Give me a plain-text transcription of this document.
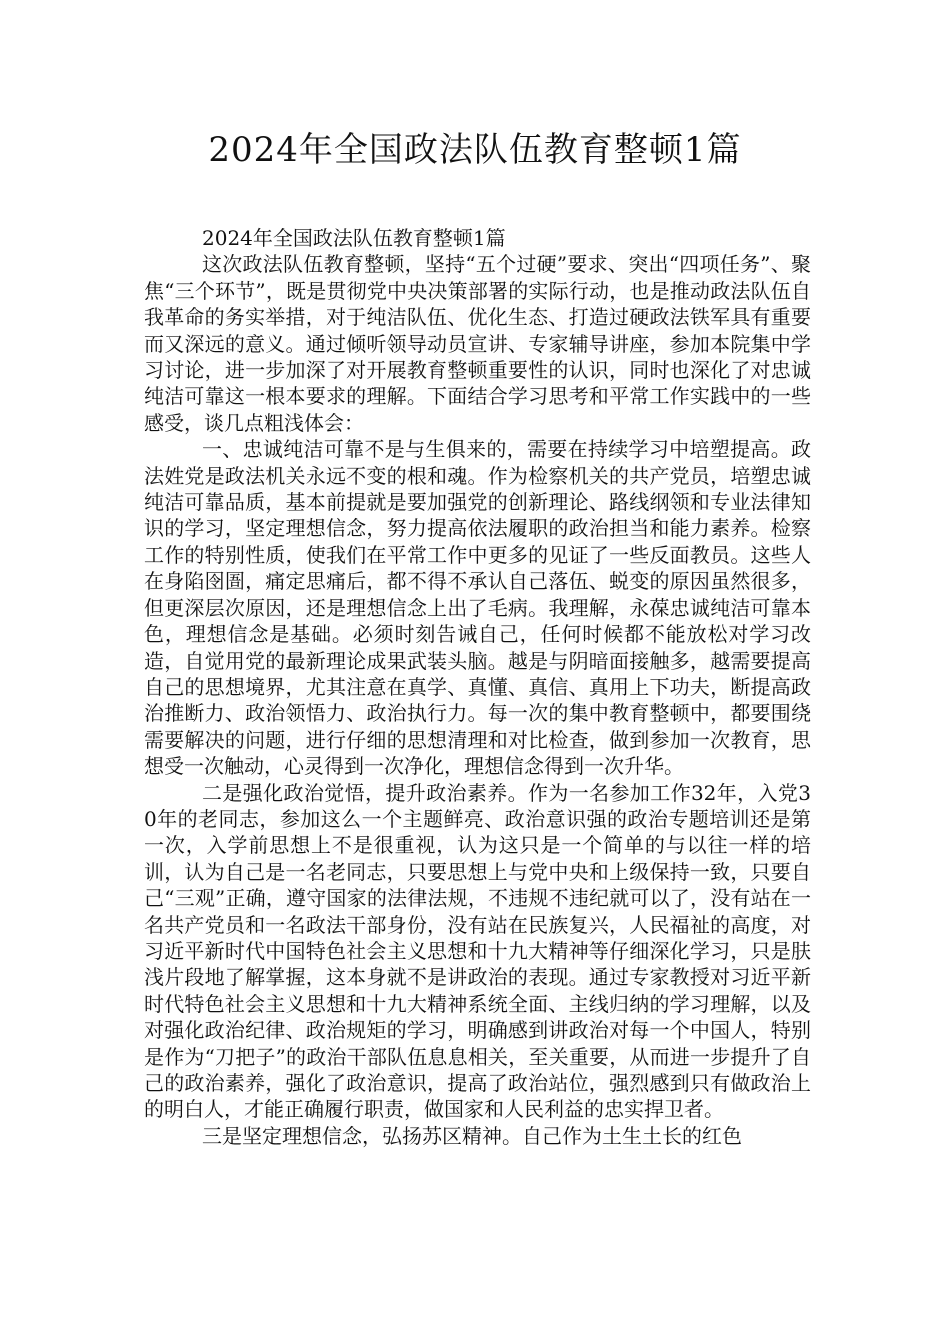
2024年全国政法队伍教育整顿1篇

2024年全国政法队伍教育整顿1篇

这次政法队伍教育整顿，坚持“五个过硬”要求、突出“四项任务”、聚焦“三个环节”，既是贯彻党中央决策部署的实际行动，也是推动政法队伍自我革命的务实举措，对于纯洁队伍、优化生态、打造过硬政法铁军具有重要而又深远的意义。通过倾听领导动员宣讲、专家辅导讲座，参加本院集中学习讨论，进一步加深了对开展教育整顿重要性的认识，同时也深化了对忠诚纯洁可靠这一根本要求的理解。下面结合学习思考和平常工作实践中的一些感受，谈几点粗浅体会：

一、忠诚纯洁可靠不是与生俱来的，需要在持续学习中培塑提高。政法姓党是政法机关永远不变的根和魂。作为检察机关的共产党员，培塑忠诚纯洁可靠品质，基本前提就是要加强党的创新理论、路线纲领和专业法律知识的学习，坚定理想信念，努力提高依法履职的政治担当和能力素养。检察工作的特别性质，使我们在平常工作中更多的见证了一些反面教员。这些人在身陷囹圄，痛定思痛后，都不得不承认自己落伍、蜕变的原因虽然很多，但更深层次原因，还是理想信念上出了毛病。我理解，永葆忠诚纯洁可靠本色，理想信念是基础。必须时刻告诫自己，任何时候都不能放松对学习改造，自觉用党的最新理论成果武装头脑。越是与阴暗面接触多，越需要提高自己的思想境界，尤其注意在真学、真懂、真信、真用上下功夫，断提高政治推断力、政治领悟力、政治执行力。每一次的集中教育整顿中，都要围绕需要解决的问题，进行仔细的思想清理和对比检查，做到参加一次教育，思想受一次触动，心灵得到一次净化，理想信念得到一次升华。

二是强化政治觉悟，提升政治素养。作为一名参加工作32年，入党30年的老同志，参加这么一个主题鲜亮、政治意识强的政治专题培训还是第一次，入学前思想上不是很重视，认为这只是一个简单的与以往一样的培训，认为自己是一名老同志，只要思想上与党中央和上级保持一致，只要自己“三观”正确，遵守国家的法律法规，不违规不违纪就可以了，没有站在一名共产党员和一名政法干部身份，没有站在民族复兴，人民福祉的高度，对习近平新时代中国特色社会主义思想和十九大精神等仔细深化学习，只是肤浅片段地了解掌握，这本身就不是讲政治的表现。通过专家教授对习近平新时代特色社会主义思想和十九大精神系统全面、主线归纳的学习理解，以及对强化政治纪律、政治规矩的学习，明确感到讲政治对每一个中国人，特别是作为“刀把子”的政治干部队伍息息相关，至关重要，从而进一步提升了自己的政治素养，强化了政治意识，提高了政治站位，强烈感到只有做政治上的明白人，才能正确履行职责，做国家和人民利益的忠实捍卫者。

三是坚定理想信念，弘扬苏区精神。自己作为土生土长的红色
